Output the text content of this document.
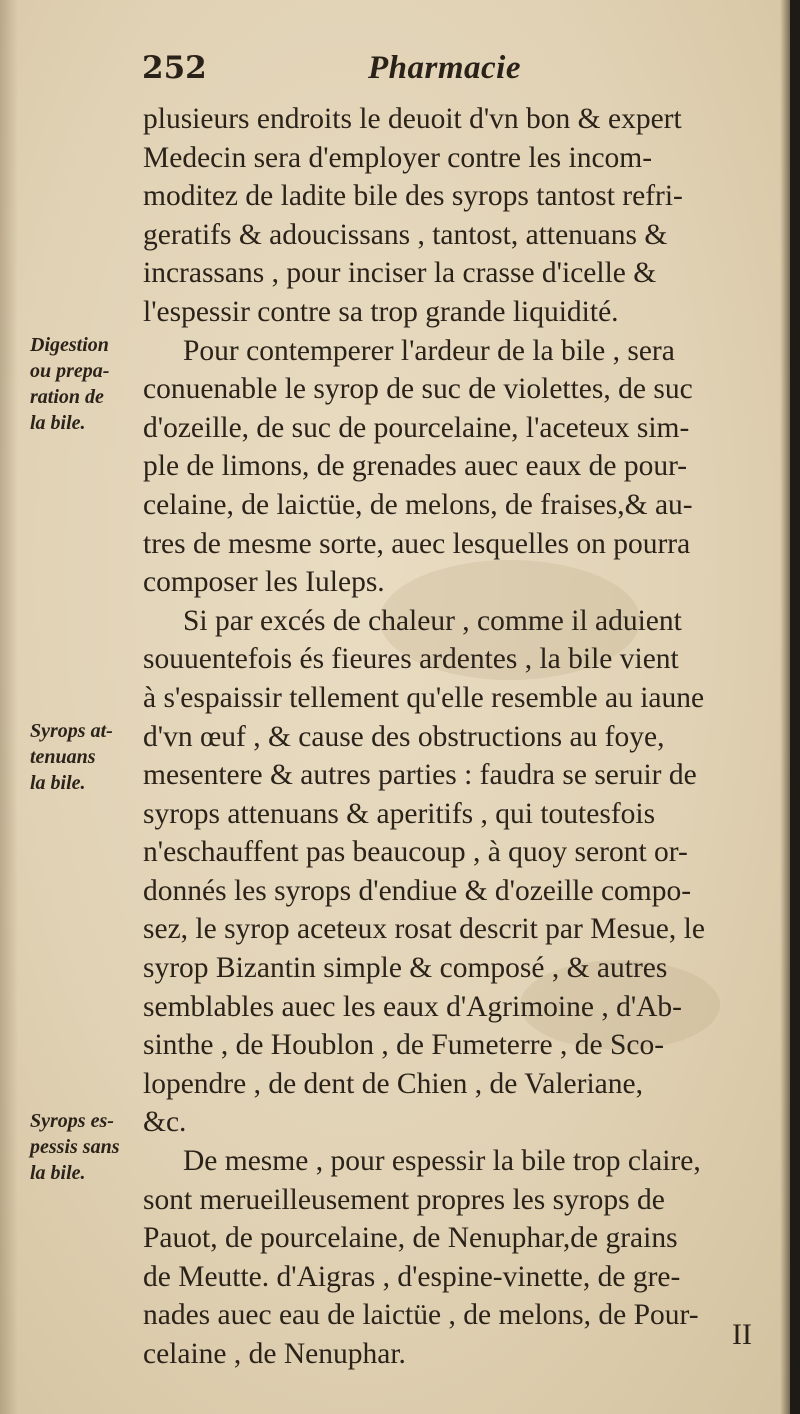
252	Pharmacie
plusieurs endroits le deuoit d'vn bon & expert
Medecin sera d'employer contre les incom-
moditez de ladite bile des syrops tantost refri-
geratifs & adoucissans , tantost, attenuans &
incrassans , pour inciser la crasse d'icelle &
l'espessir contre sa trop grande liquidité.
Pour contemperer l'ardeur de la bile , sera
conuenable le syrop de suc de violettes, de suc
d'ozeille, de suc de pourcelaine, l'aceteux sim-
ple de limons, de grenades auec eaux de pour-
celaine, de laictüe, de melons, de fraises,& au-
tres de mesme sorte, auec lesquelles on pourra
composer les Iuleps.
Si par excés de chaleur , comme il aduient
souuentefois és fieures ardentes , la bile vient
à s'espaissir tellement qu'elle resemble au iaune
d'vn œuf , & cause des obstructions au foye,
mesentere & autres parties : faudra se seruir de
syrops attenuans & aperitifs , qui toutesfois
n'eschauffent pas beaucoup , à quoy seront or-
donnés les syrops d'endiue & d'ozeille compo-
sez, le syrop aceteux rosat descrit par Mesue, le
syrop Bizantin simple & composé , & autres
semblables auec les eaux d'Agrimoine , d'Ab-
sinthe , de Houblon , de Fumeterre , de Sco-
lopendre , de dent de Chien , de Valeriane,
&c.
De mesme , pour espessir la bile trop claire,
sont merueilleusement propres les syrops de
Pauot, de pourcelaine, de Nenuphar,de grains
de Meutte. d'Aigras , d'espine-vinette, de gre-
nades auec eau de laictüe , de melons, de Pour-
celaine , de Nenuphar.
Digestion
ou prepa-
ration de
la bile.
Syrops at-
tenuans
la bile.
Syrops es-
pessis sans
la bile.
II
